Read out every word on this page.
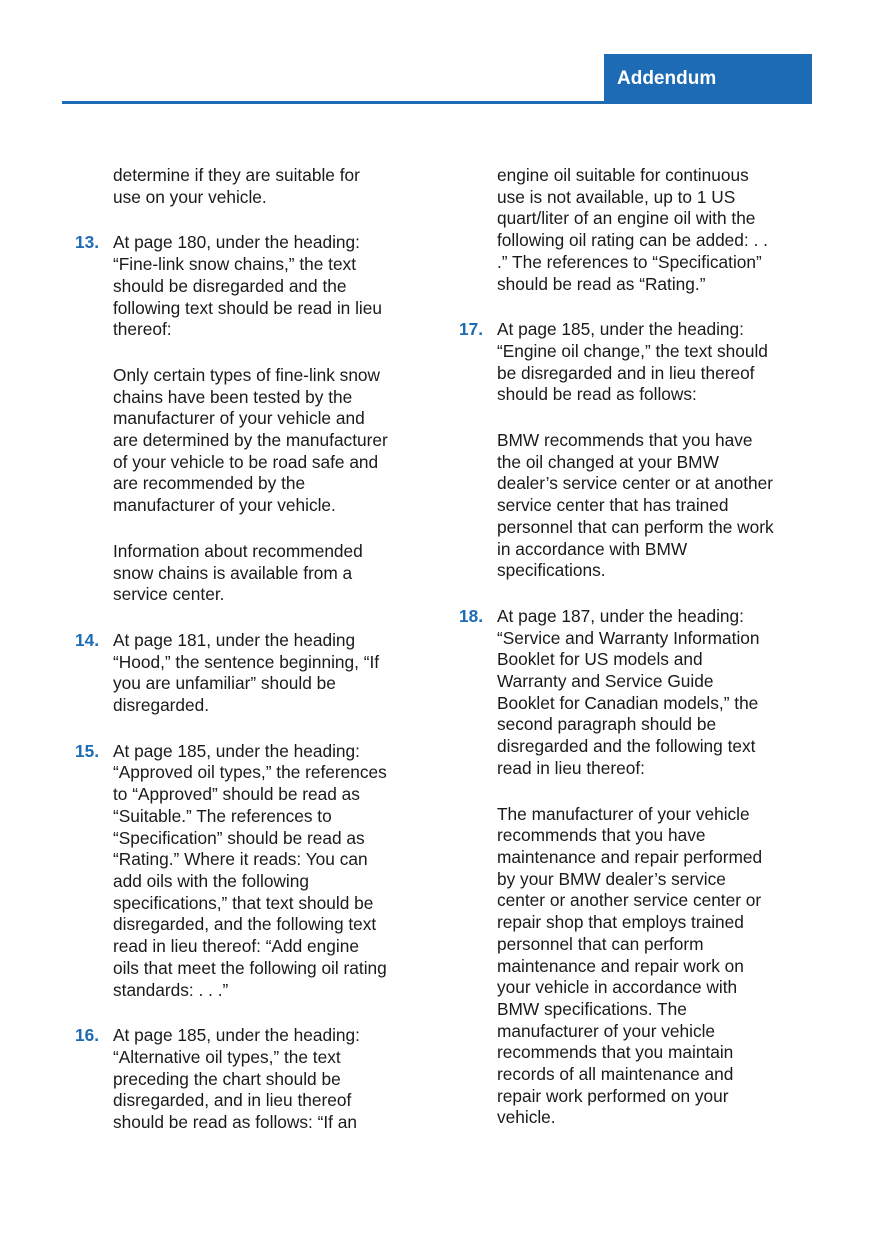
Addendum

determine if they are suitable for
use on your vehicle.

13. At page 180, under the heading:
“Fine-link snow chains,” the text
should be disregarded and the
following text should be read in lieu
thereof:

Only certain types of fine-link snow
chains have been tested by the
manufacturer of your vehicle and
are determined by the manufacturer
of your vehicle to be road safe and
are recommended by the
manufacturer of your vehicle.

Information about recommended
snow chains is available from a
service center.

14. At page 181, under the heading
“Hood,” the sentence beginning, “If
you are unfamiliar” should be
disregarded.

15. At page 185, under the heading:
“Approved oil types,” the references
to “Approved” should be read as
“Suitable.” The references to
“Specification” should be read as
“Rating.” Where it reads: You can
add oils with the following
specifications,” that text should be
disregarded, and the following text
read in lieu thereof: “Add engine
oils that meet the following oil rating
standards: . . .”

16. At page 185, under the heading:
“Alternative oil types,” the text
preceding the chart should be
disregarded, and in lieu thereof
should be read as follows: “If an

engine oil suitable for continuous
use is not available, up to 1 US
quart/liter of an engine oil with the
following oil rating can be added: . .
.” The references to “Specification”
should be read as “Rating.”

17. At page 185, under the heading:
“Engine oil change,” the text should
be disregarded and in lieu thereof
should be read as follows:

BMW recommends that you have
the oil changed at your BMW
dealer’s service center or at another
service center that has trained
personnel that can perform the work
in accordance with BMW
specifications.

18. At page 187, under the heading:
“Service and Warranty Information
Booklet for US models and
Warranty and Service Guide
Booklet for Canadian models,” the
second paragraph should be
disregarded and the following text
read in lieu thereof:

The manufacturer of your vehicle
recommends that you have
maintenance and repair performed
by your BMW dealer’s service
center or another service center or
repair shop that employs trained
personnel that can perform
maintenance and repair work on
your vehicle in accordance with
BMW specifications. The
manufacturer of your vehicle
recommends that you maintain
records of all maintenance and
repair work performed on your
vehicle.
